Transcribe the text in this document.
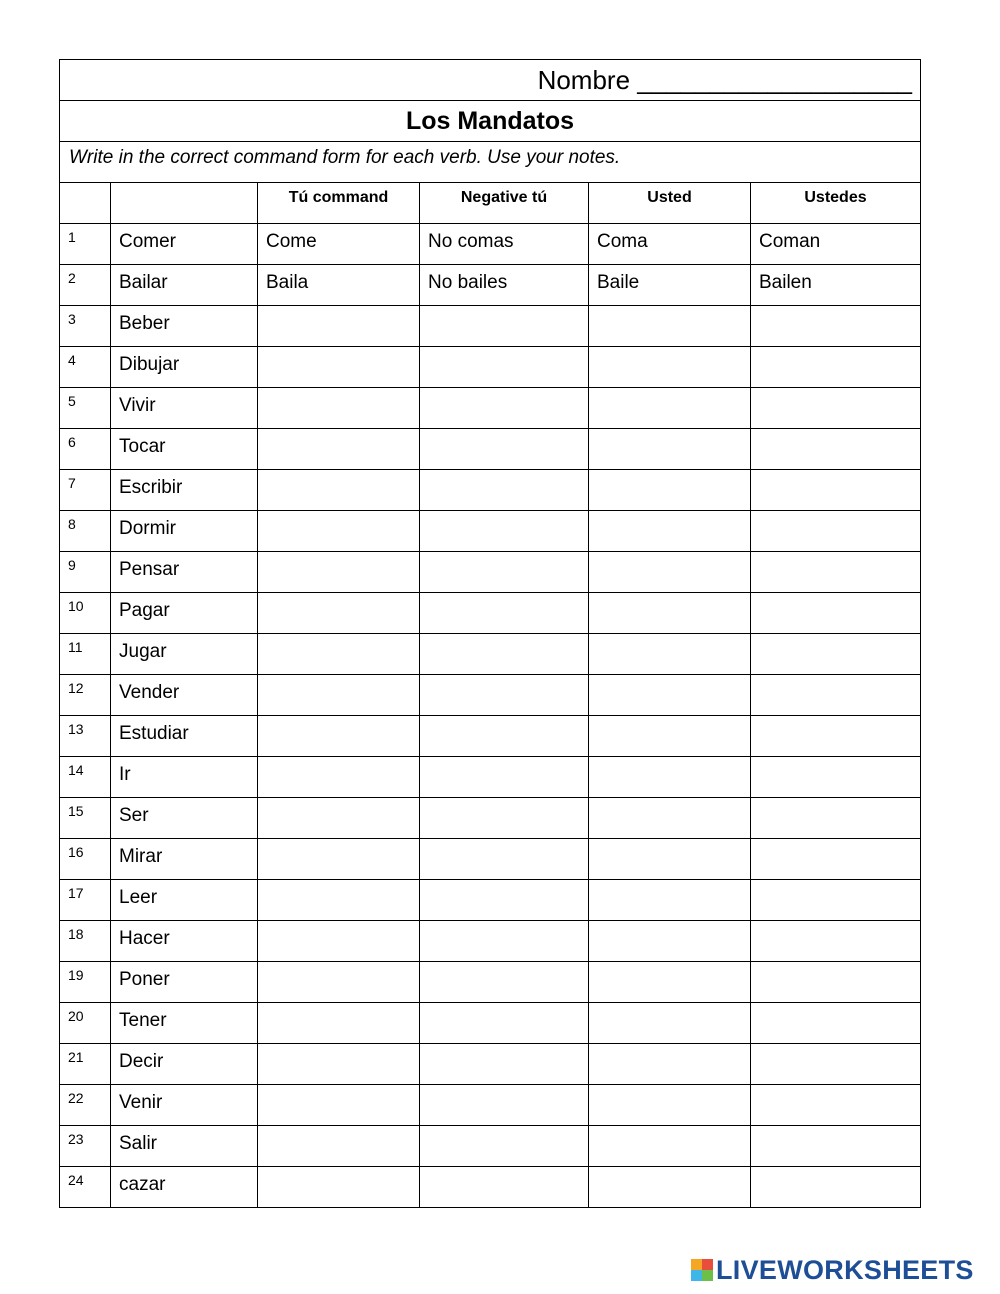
Nombre ___________________					
Los Mandatos					
Write in the correct command form for each verb. Use your notes.					
		Tú command	Negative tú	Usted	Ustedes
1	Comer	Come	No comas	Coma	Coman
2	Bailar	Baila	No bailes	Baile	Bailen
3	Beber				
4	Dibujar				
5	Vivir				
6	Tocar				
7	Escribir				
8	Dormir				
9	Pensar				
10	Pagar				
11	Jugar				
12	Vender				
13	Estudiar				
14	Ir				
15	Ser				
16	Mirar				
17	Leer				
18	Hacer				
19	Poner				
20	Tener				
21	Decir				
22	Venir				
23	Salir				
24	cazar				
LIVEWORKSHEETS
